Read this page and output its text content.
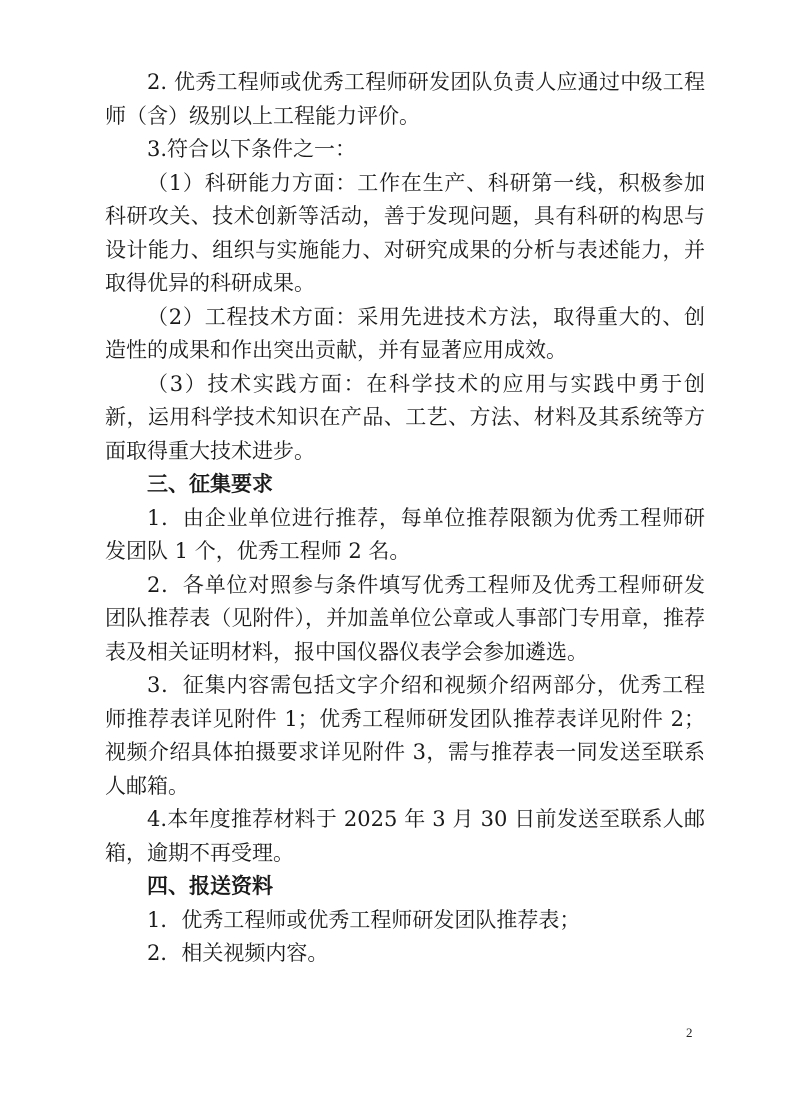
2. 优秀工程师或优秀工程师研发团队负责人应通过中级工程师（含）级别以上工程能力评价。

3.符合以下条件之一：

（1）科研能力方面：工作在生产、科研第一线，积极参加科研攻关、技术创新等活动，善于发现问题，具有科研的构思与设计能力、组织与实施能力、对研究成果的分析与表述能力，并取得优异的科研成果。

（2）工程技术方面：采用先进技术方法，取得重大的、创造性的成果和作出突出贡献，并有显著应用成效。

（3）技术实践方面：在科学技术的应用与实践中勇于创新，运用科学技术知识在产品、工艺、方法、材料及其系统等方面取得重大技术进步。

三、征集要求

1．由企业单位进行推荐，每单位推荐限额为优秀工程师研发团队 1 个，优秀工程师 2 名。

2．各单位对照参与条件填写优秀工程师及优秀工程师研发团队推荐表（见附件），并加盖单位公章或人事部门专用章，推荐表及相关证明材料，报中国仪器仪表学会参加遴选。

3．征集内容需包括文字介绍和视频介绍两部分，优秀工程师推荐表详见附件 1；优秀工程师研发团队推荐表详见附件 2；视频介绍具体拍摄要求详见附件 3，需与推荐表一同发送至联系人邮箱。

4.本年度推荐材料于 2025 年 3 月 30 日前发送至联系人邮箱，逾期不再受理。

四、报送资料

1．优秀工程师或优秀工程师研发团队推荐表；

2．相关视频内容。

2
